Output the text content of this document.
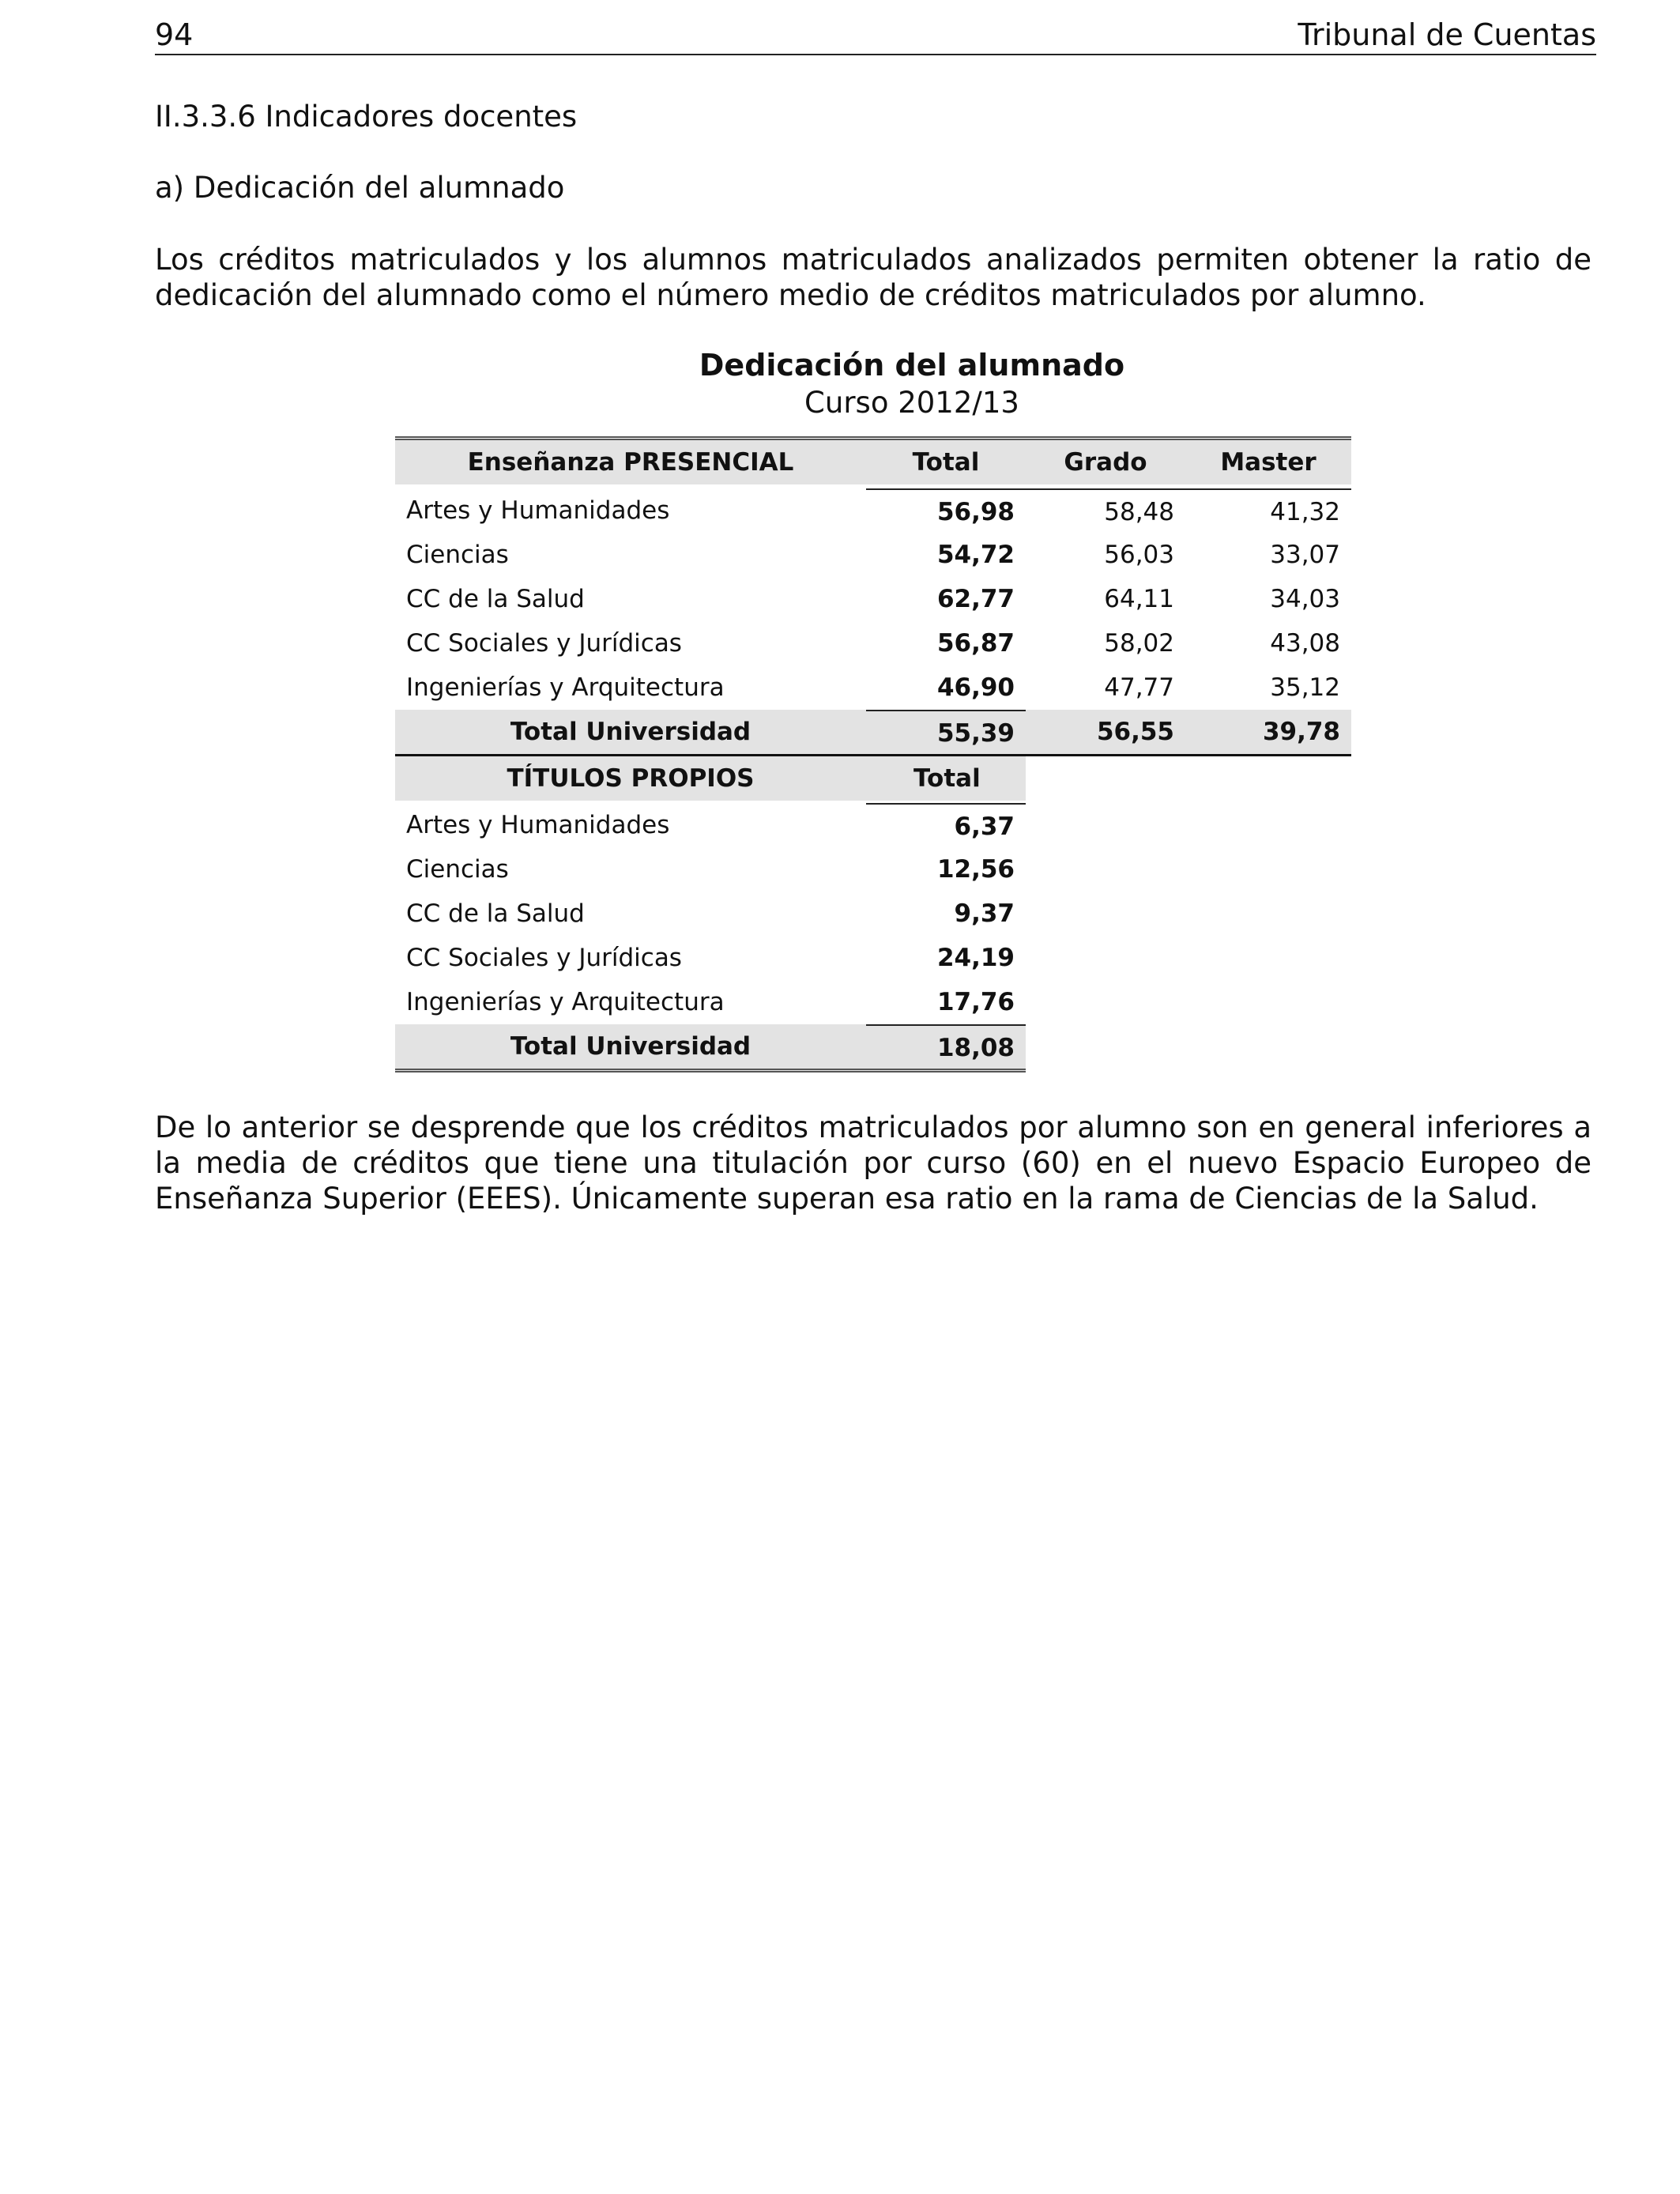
94	Tribunal de Cuentas
II.3.3.6 Indicadores docentes
a) Dedicación del alumnado
Los créditos matriculados y los alumnos matriculados analizados permiten obtener la ratio de dedicación del alumnado como el número medio de créditos matriculados por alumno.
Dedicación del alumnado
Curso 2012/13
Enseñanza PRESENCIAL	Total	Grado	Master
Artes y Humanidades	56,98	58,48	41,32
Ciencias	54,72	56,03	33,07
CC de la Salud	62,77	64,11	34,03
CC Sociales y Jurídicas	56,87	58,02	43,08
Ingenierías y Arquitectura	46,90	47,77	35,12
Total Universidad	55,39	56,55	39,78
TÍTULOS PROPIOS	Total
Artes y Humanidades	6,37
Ciencias	12,56
CC de la Salud	9,37
CC Sociales y Jurídicas	24,19
Ingenierías y Arquitectura	17,76
Total Universidad	18,08
De lo anterior se desprende que los créditos matriculados por alumno son en general inferiores a la media de créditos que tiene una titulación por curso (60) en el nuevo Espacio Europeo de Enseñanza Superior (EEES). Únicamente superan esa ratio en la rama de Ciencias de la Salud.
